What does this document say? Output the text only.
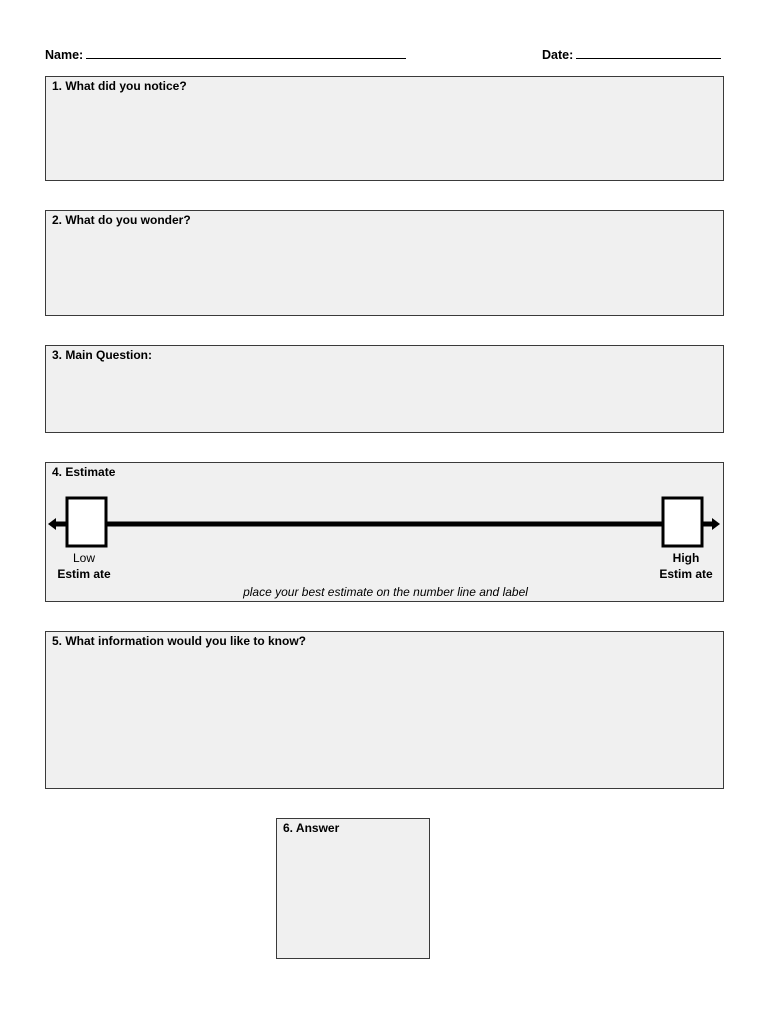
Name:	Date:
1. What did you notice?
2. What do you wonder?
3. Main Question:
4. Estimate
Low
Estim ate
High
Estim ate
place your best estimate on the number line and label
5. What information would you like to know?
6. Answer
